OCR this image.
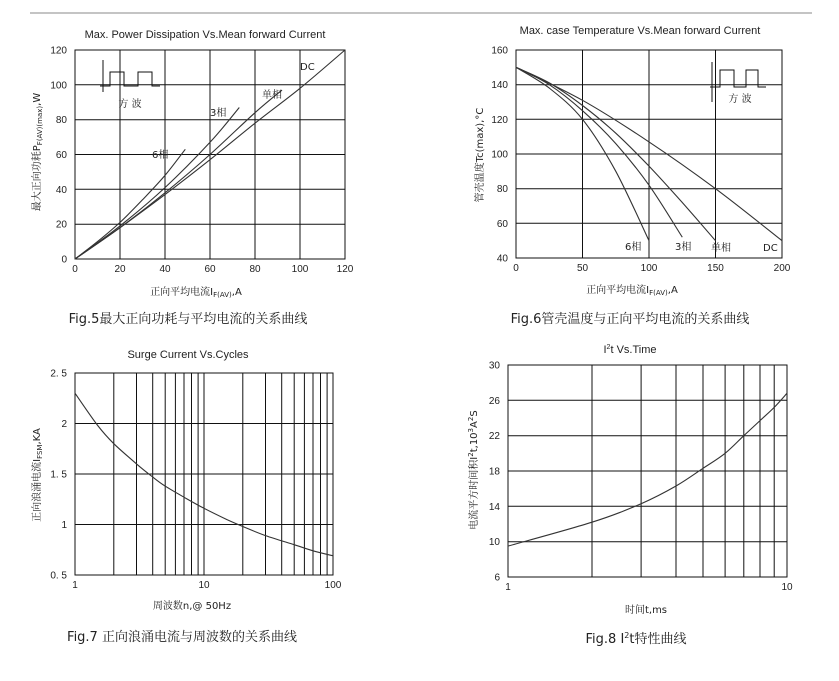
Max. Power Dissipation Vs.Mean forward Current
0	20	40	60	80	100	120
0
20
40
60
80
100
120
方 波
6相
3相
单相
DC
正向平均电流$I_{F(AV)},A$
最大正向功耗$P_{F(AV)(max)},W$
Fig.5最大正向功耗与平均电流的关系曲线
Max. case Temperature Vs.Mean forward Current
0	50	100	150	200
40
60
80
100
120
140
160
方 波
6相	3相 单相	DC
正向平均电流$I_{F(AV)},A$
管壳温度Tc(max),°C
Fig.6管壳温度与正向平均电流的关系曲线
Surge Current Vs.Cycles
1	10	100
0. 5
1
1. 5
2
2. 5
周波数n,@ 50Hz
正向浪涌电流$I_{FSM},KA$
Fig.7 正向浪涌电流与周波数的关系曲线
$I^2t$ Vs.Time
1	10
6
10
14
18
22
26
30
时间t,ms
电流平方时间积$I^2t,10^3A^2S$
Fig.8 $I^2t$特性曲线
